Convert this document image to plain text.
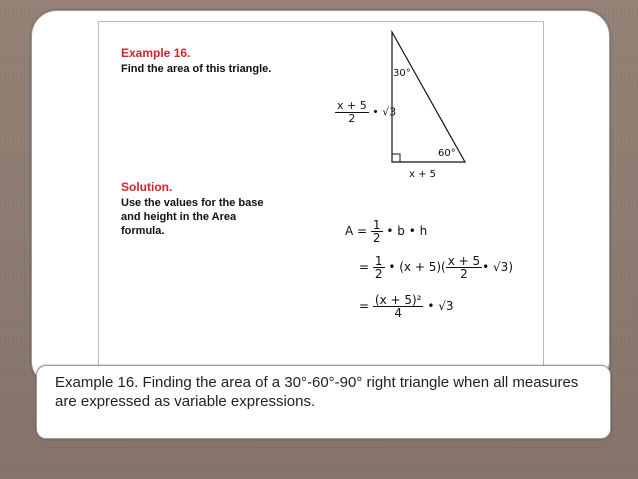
Example 16.
Find the area of this triangle.	30°
60°
x + 5
$\frac{x + 5}{2}$ • √3
Solution.
Use the values for the base
and height in the Area
formula.	$A = \frac{1}{2}$ • b • h
= $\frac{1}{2}$ • $(x + 5)( \frac{x + 5}{2}$ • √3)
= $\frac{\text{(x + 5)²}}{4}$ • √3
Example 16. Finding the area of a 30°-60°-90° right triangle when all measures are expressed as variable expressions.
